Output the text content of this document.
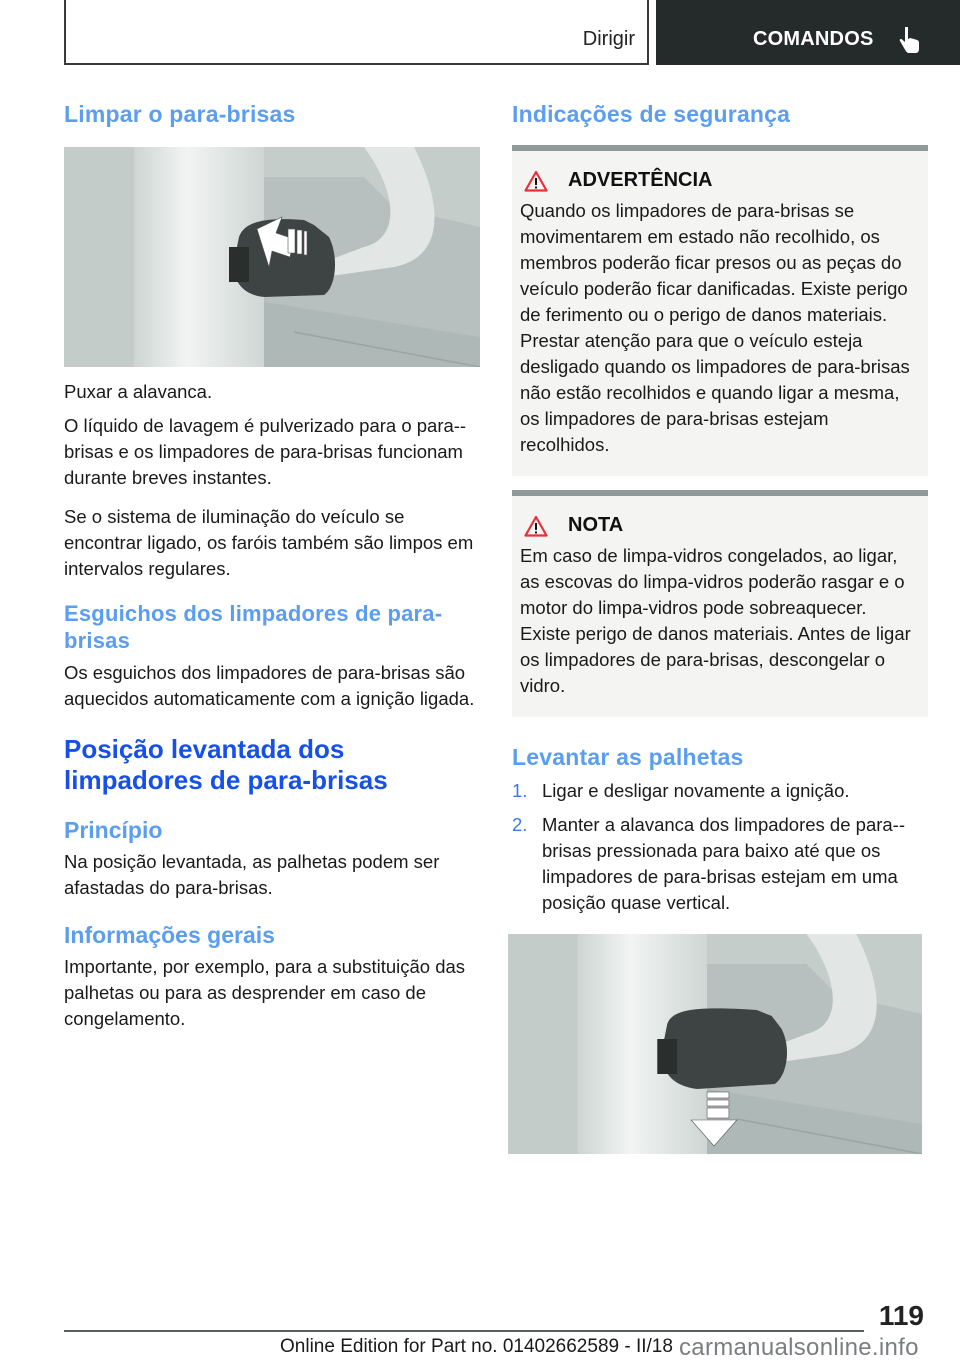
Dirigir	COMANDOS
Limpar o para-brisas

Puxar a alavanca.

O líquido de lavagem é pulverizado para o para--brisas e os limpadores de para-brisas funcionam durante breves instantes.

Se o sistema de iluminação do veículo se encontrar ligado, os faróis também são limpos em intervalos regulares.

Esguichos dos limpadores de para-brisas

Os esguichos dos limpadores de para-brisas são aquecidos automaticamente com a ignição ligada.

Posição levantada dos limpadores de para-brisas
Princípio

Na posição levantada, as palhetas podem ser afastadas do para-brisas.

Informações gerais

Importante, por exemplo, para a substituição das palhetas ou para as desprender em caso de congelamento.

Indicações de segurança
ADVERTÊNCIA

Quando os limpadores de para-brisas se movimentarem em estado não recolhido, os membros poderão ficar presos ou as peças do veículo poderão ficar danificadas. Existe perigo de ferimento ou o perigo de danos materiais. Prestar atenção para que o veículo esteja desligado quando os limpadores de para-brisas não estão recolhidos e quando ligar a mesma, os limpadores de para-brisas estejam recolhidos.

NOTA

Em caso de limpa-vidros congelados, ao ligar, as escovas do limpa-vidros poderão rasgar e o motor do limpa-vidros pode sobreaquecer. Existe perigo de danos materiais. Antes de ligar os limpadores de para-brisas, descongelar o vidro.

Levantar as palhetas
1. Ligar e desligar novamente a ignição.
2. Manter a alavanca dos limpadores de para--brisas pressionada para baixo até que os limpadores de para-brisas estejam em uma posição quase vertical.
119
Online Edition for Part no. 01402662589 - II/18 carmanualsonline.info
